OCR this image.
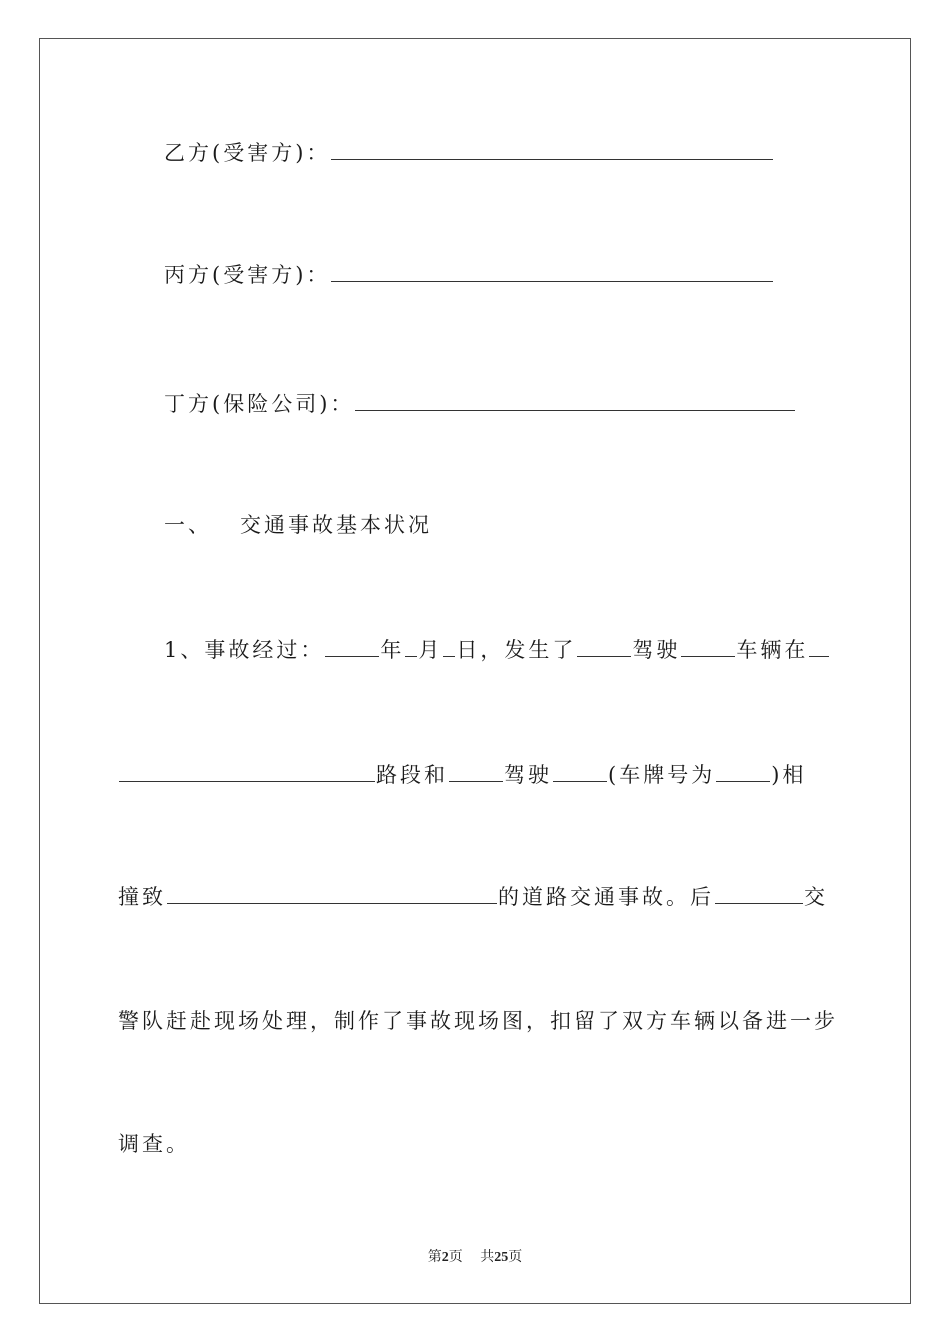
乙方(受害方)：
丙方(受害方)：
丁方(保险公司)：
一、 交通事故基本状况
1、事故经过：	年 月 日，发生了	驾驶	车辆在
路段和	驾驶	(车牌号为	)相
撞致	的道路交通事故。后	交
警队赶赴现场处理，制作了事故现场图，扣留了双方车辆以备进一步
调查。
第2页 共25页
